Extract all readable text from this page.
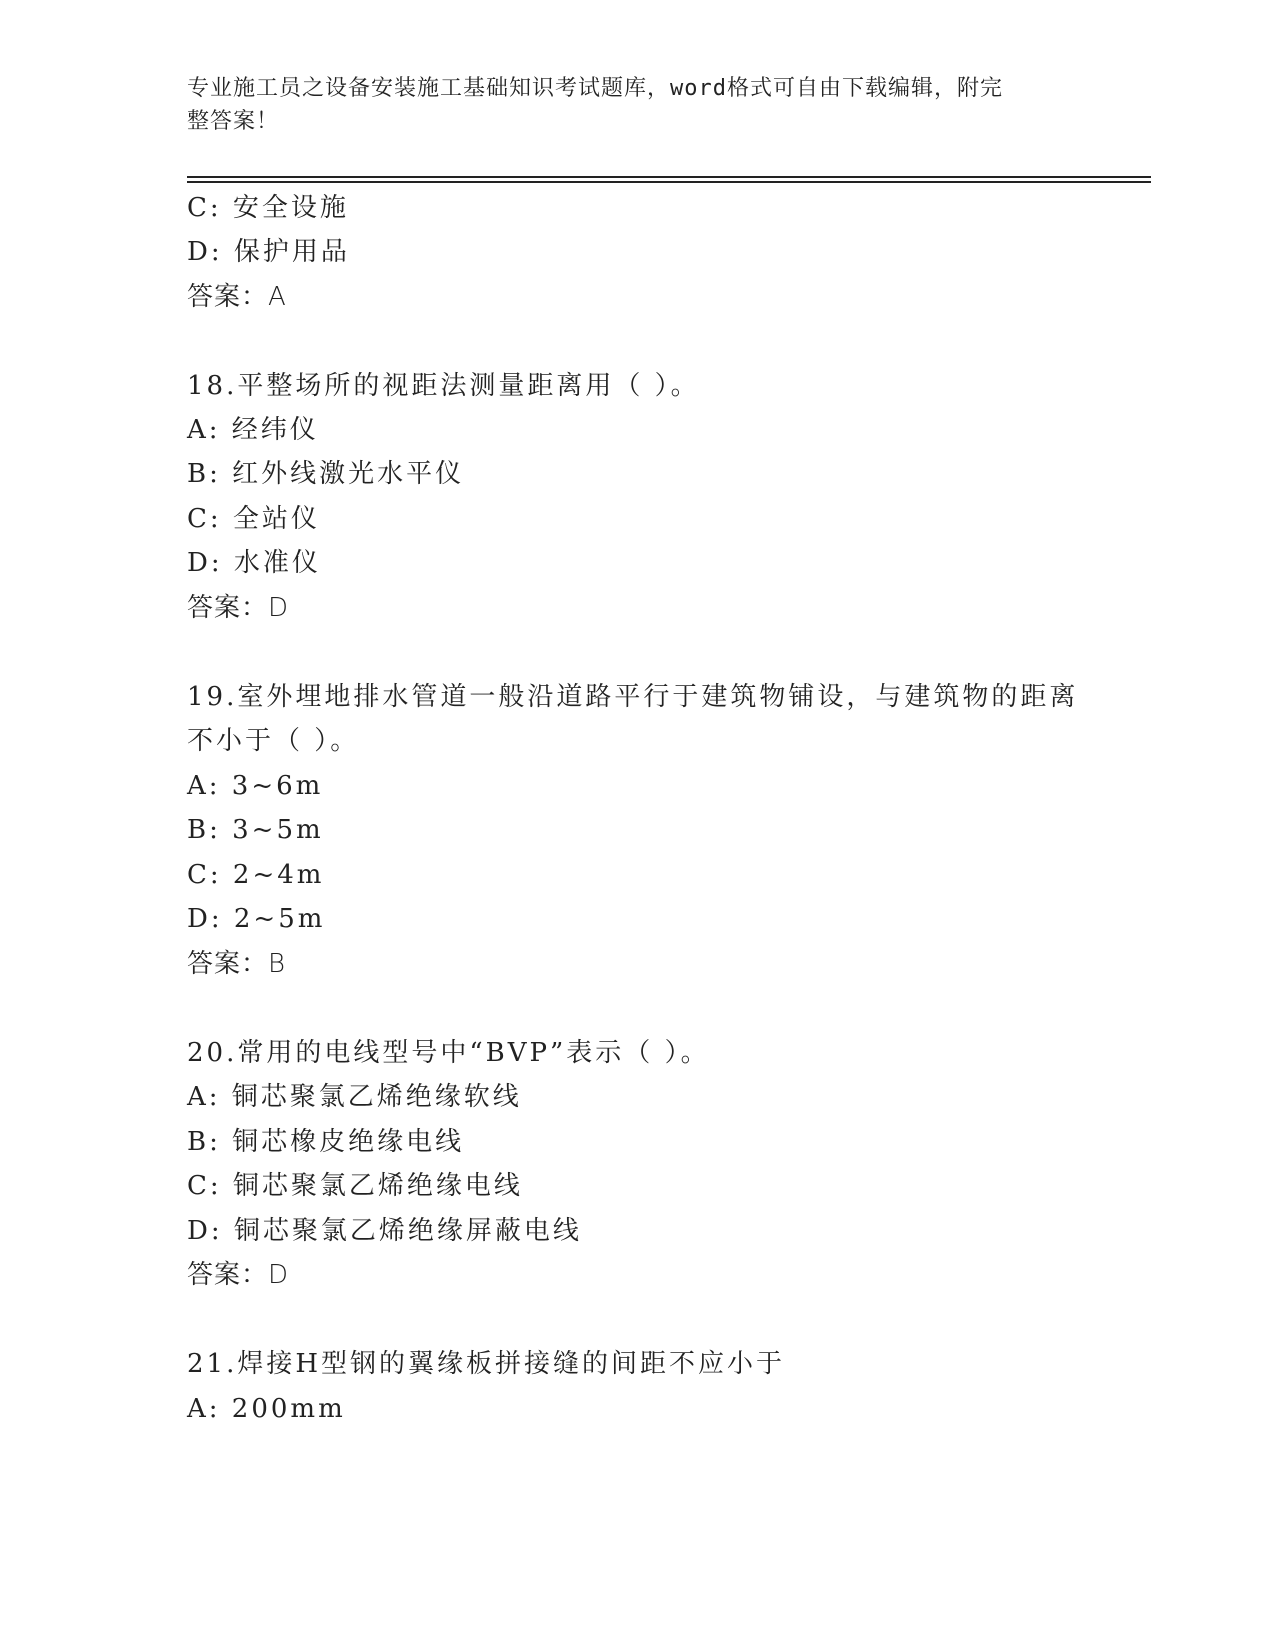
专业施工员之设备安装施工基础知识考试题库，word格式可自由下载编辑，附完
整答案！
C: 安全设施
D: 保护用品
答案：A
18.平整场所的视距法测量距离用（ ）。
A: 经纬仪
B: 红外线激光水平仪
C: 全站仪
D: 水准仪
答案：D
19.室外埋地排水管道一般沿道路平行于建筑物铺设，与建筑物的距离
不小于（ ）。
A: 3~6m
B: 3~5m
C: 2~4m
D: 2~5m
答案：B
20.常用的电线型号中“BVP”表示（ ）。
A: 铜芯聚氯乙烯绝缘软线
B: 铜芯橡皮绝缘电线
C: 铜芯聚氯乙烯绝缘电线
D: 铜芯聚氯乙烯绝缘屏蔽电线
答案：D
21.焊接H型钢的翼缘板拼接缝的间距不应小于
A: 200mm
